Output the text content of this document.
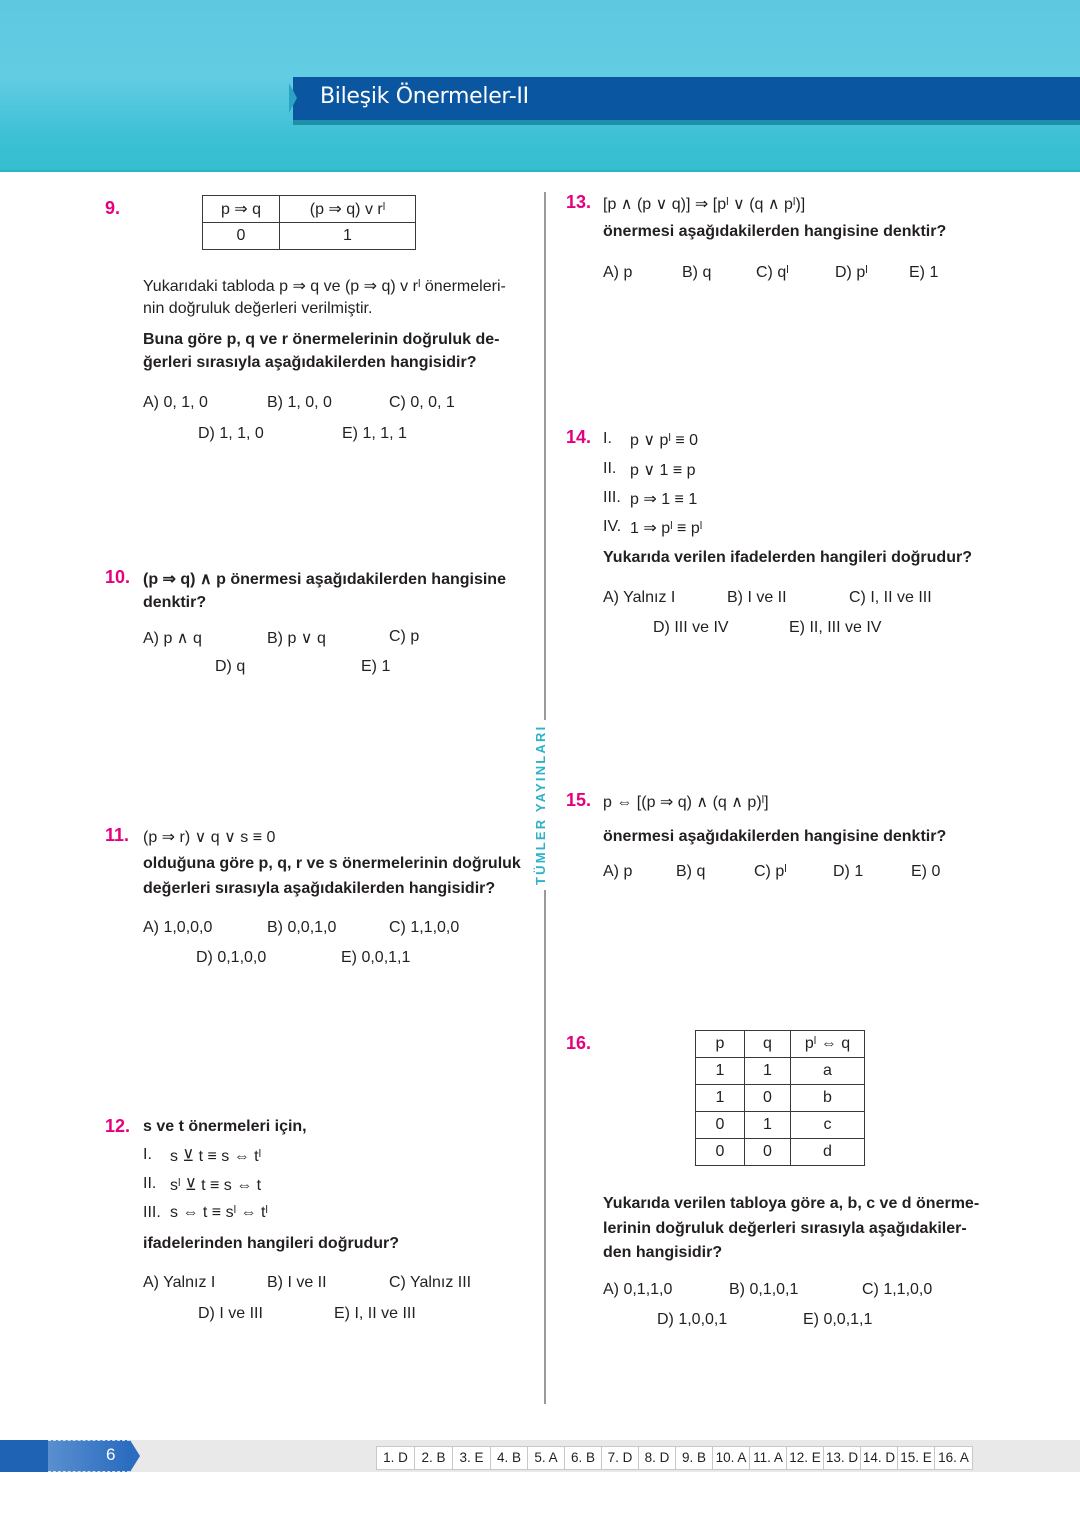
Bileşik Önermeler-II
TÜMLER YAYINLARI
9.	p ⇒ q	(p ⇒ q) v rˡ
0	1
Yukarıdaki tabloda p ⇒ q ve (p ⇒ q) v rˡ önermeleri-
nin doğruluk değerleri verilmiştir.
Buna göre p, q ve r önermelerinin doğruluk de-
ğerleri sırasıyla aşağıdakilerden hangisidir?
A) 0, 1, 0	B) 1, 0, 0	C) 0, 0, 1
D) 1, 1, 0	E) 1, 1, 1
10. (p ⇒ q) ∧ p önermesi aşağıdakilerden hangisine
denktir?
A) p ∧ q	B) p ∨ q	C) p
D) q	E) 1
11. (p ⇒ r) ∨ q ∨ s ≡ 0
olduğuna göre p, q, r ve s önermelerinin doğruluk
değerleri sırasıyla aşağıdakilerden hangisidir?
A) 1,0,0,0	B) 0,0,1,0	C) 1,1,0,0
D) 0,1,0,0	E) 0,0,1,1
12. s ve t önermeleri için,
I. s ⊻ t ≡ s ⇔ tˡ
II. sˡ ⊻ t ≡ s ⇔ t
III. s ⇔ t ≡ sˡ ⇔ tˡ
ifadelerinden hangileri doğrudur?
A) Yalnız I	B) I ve II	C) Yalnız III
D) I ve III	E) I, II ve III
13. [p ∧ (p ∨ q)] ⇒ [pˡ ∨ (q ∧ pˡ)]
önermesi aşağıdakilerden hangisine denktir?
A) p	B) q	C) qˡ	D) pˡ	E) 1
14. I. p ∨ pˡ ≡ 0
II. p ∨ 1 ≡ p
III. p ⇒ 1 ≡ 1
IV. 1 ⇒ pˡ ≡ pˡ
Yukarıda verilen ifadelerden hangileri doğrudur?
A) Yalnız I	B) I ve II	C) I, II ve III
D) III ve IV	E) II, III ve IV
15. p ⇔ [(p ⇒ q) ∧ (q ∧ p)ˡ]
önermesi aşağıdakilerden hangisine denktir?
A) p	B) q	C) pˡ	D) 1	E) 0
16.	p	q	pˡ ⇔ q
1	1	a
1	0	b
0	1	c
0	0	d
Yukarıda verilen tabloya göre a, b, c ve d önerme-
lerinin doğruluk değerleri sırasıyla aşağıdakiler-
den hangisidir?
A) 0,1,1,0	B) 0,1,0,1	C) 1,1,0,0
D) 1,0,0,1	E) 0,0,1,1
6	1. D	2. B	3. E 4. B 5. A 6. B 7. D 8. D 9. B 10. A 11. A 12. E 13. D 14. D 15. E 16. A
